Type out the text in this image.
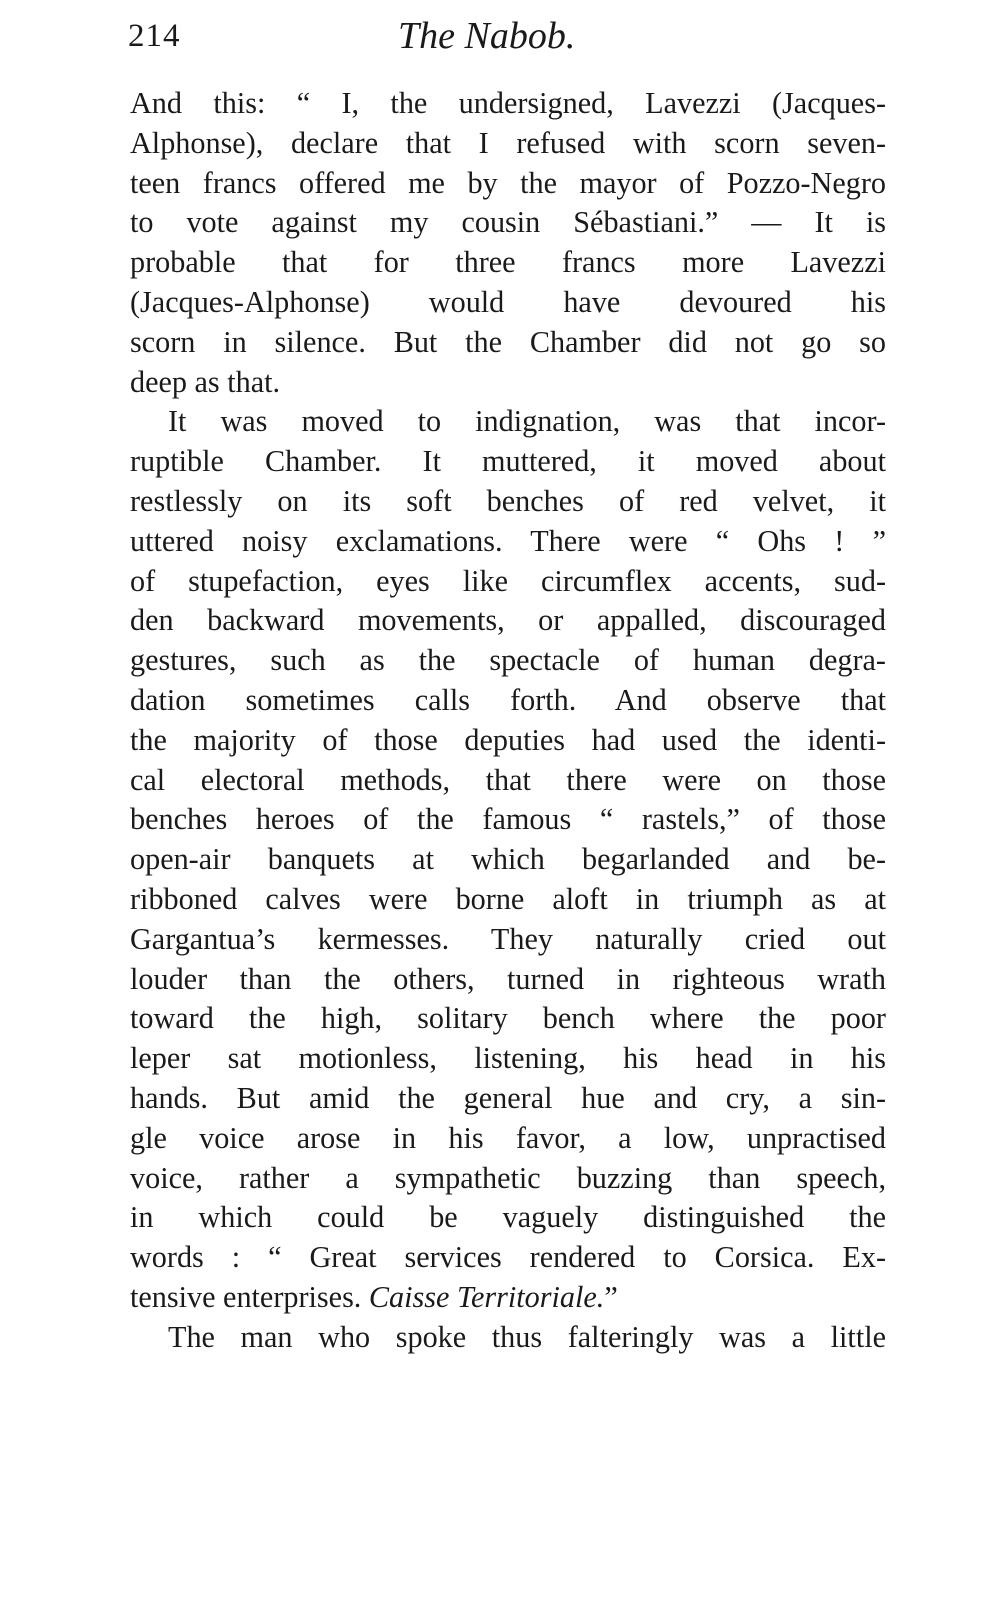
214	The Nabob.
And this: “ I, the undersigned, Lavezzi (Jacques-
Alphonse), declare that I refused with scorn seven-
teen francs offered me by the mayor of Pozzo-Negro
to vote against my cousin Sébastiani.” — It is
probable that for three francs more Lavezzi
(Jacques-Alphonse) would have devoured his
scorn in silence. But the Chamber did not go so
deep as that.
It was moved to indignation, was that incor-
ruptible Chamber. It muttered, it moved about
restlessly on its soft benches of red velvet, it
uttered noisy exclamations. There were “ Ohs ! ”
of stupefaction, eyes like circumflex accents, sud-
den backward movements, or appalled, discouraged
gestures, such as the spectacle of human degra-
dation sometimes calls forth. And observe that
the majority of those deputies had used the identi-
cal electoral methods, that there were on those
benches heroes of the famous “ rastels,” of those
open-air banquets at which begarlanded and be-
ribboned calves were borne aloft in triumph as at
Gargantua’s kermesses. They naturally cried out
louder than the others, turned in righteous wrath
toward the high, solitary bench where the poor
leper sat motionless, listening, his head in his
hands. But amid the general hue and cry, a sin-
gle voice arose in his favor, a low, unpractised
voice, rather a sympathetic buzzing than speech,
in which could be vaguely distinguished the
words : “ Great services rendered to Corsica. Ex-
tensive enterprises. Caisse Territoriale.”
The man who spoke thus falteringly was a little
